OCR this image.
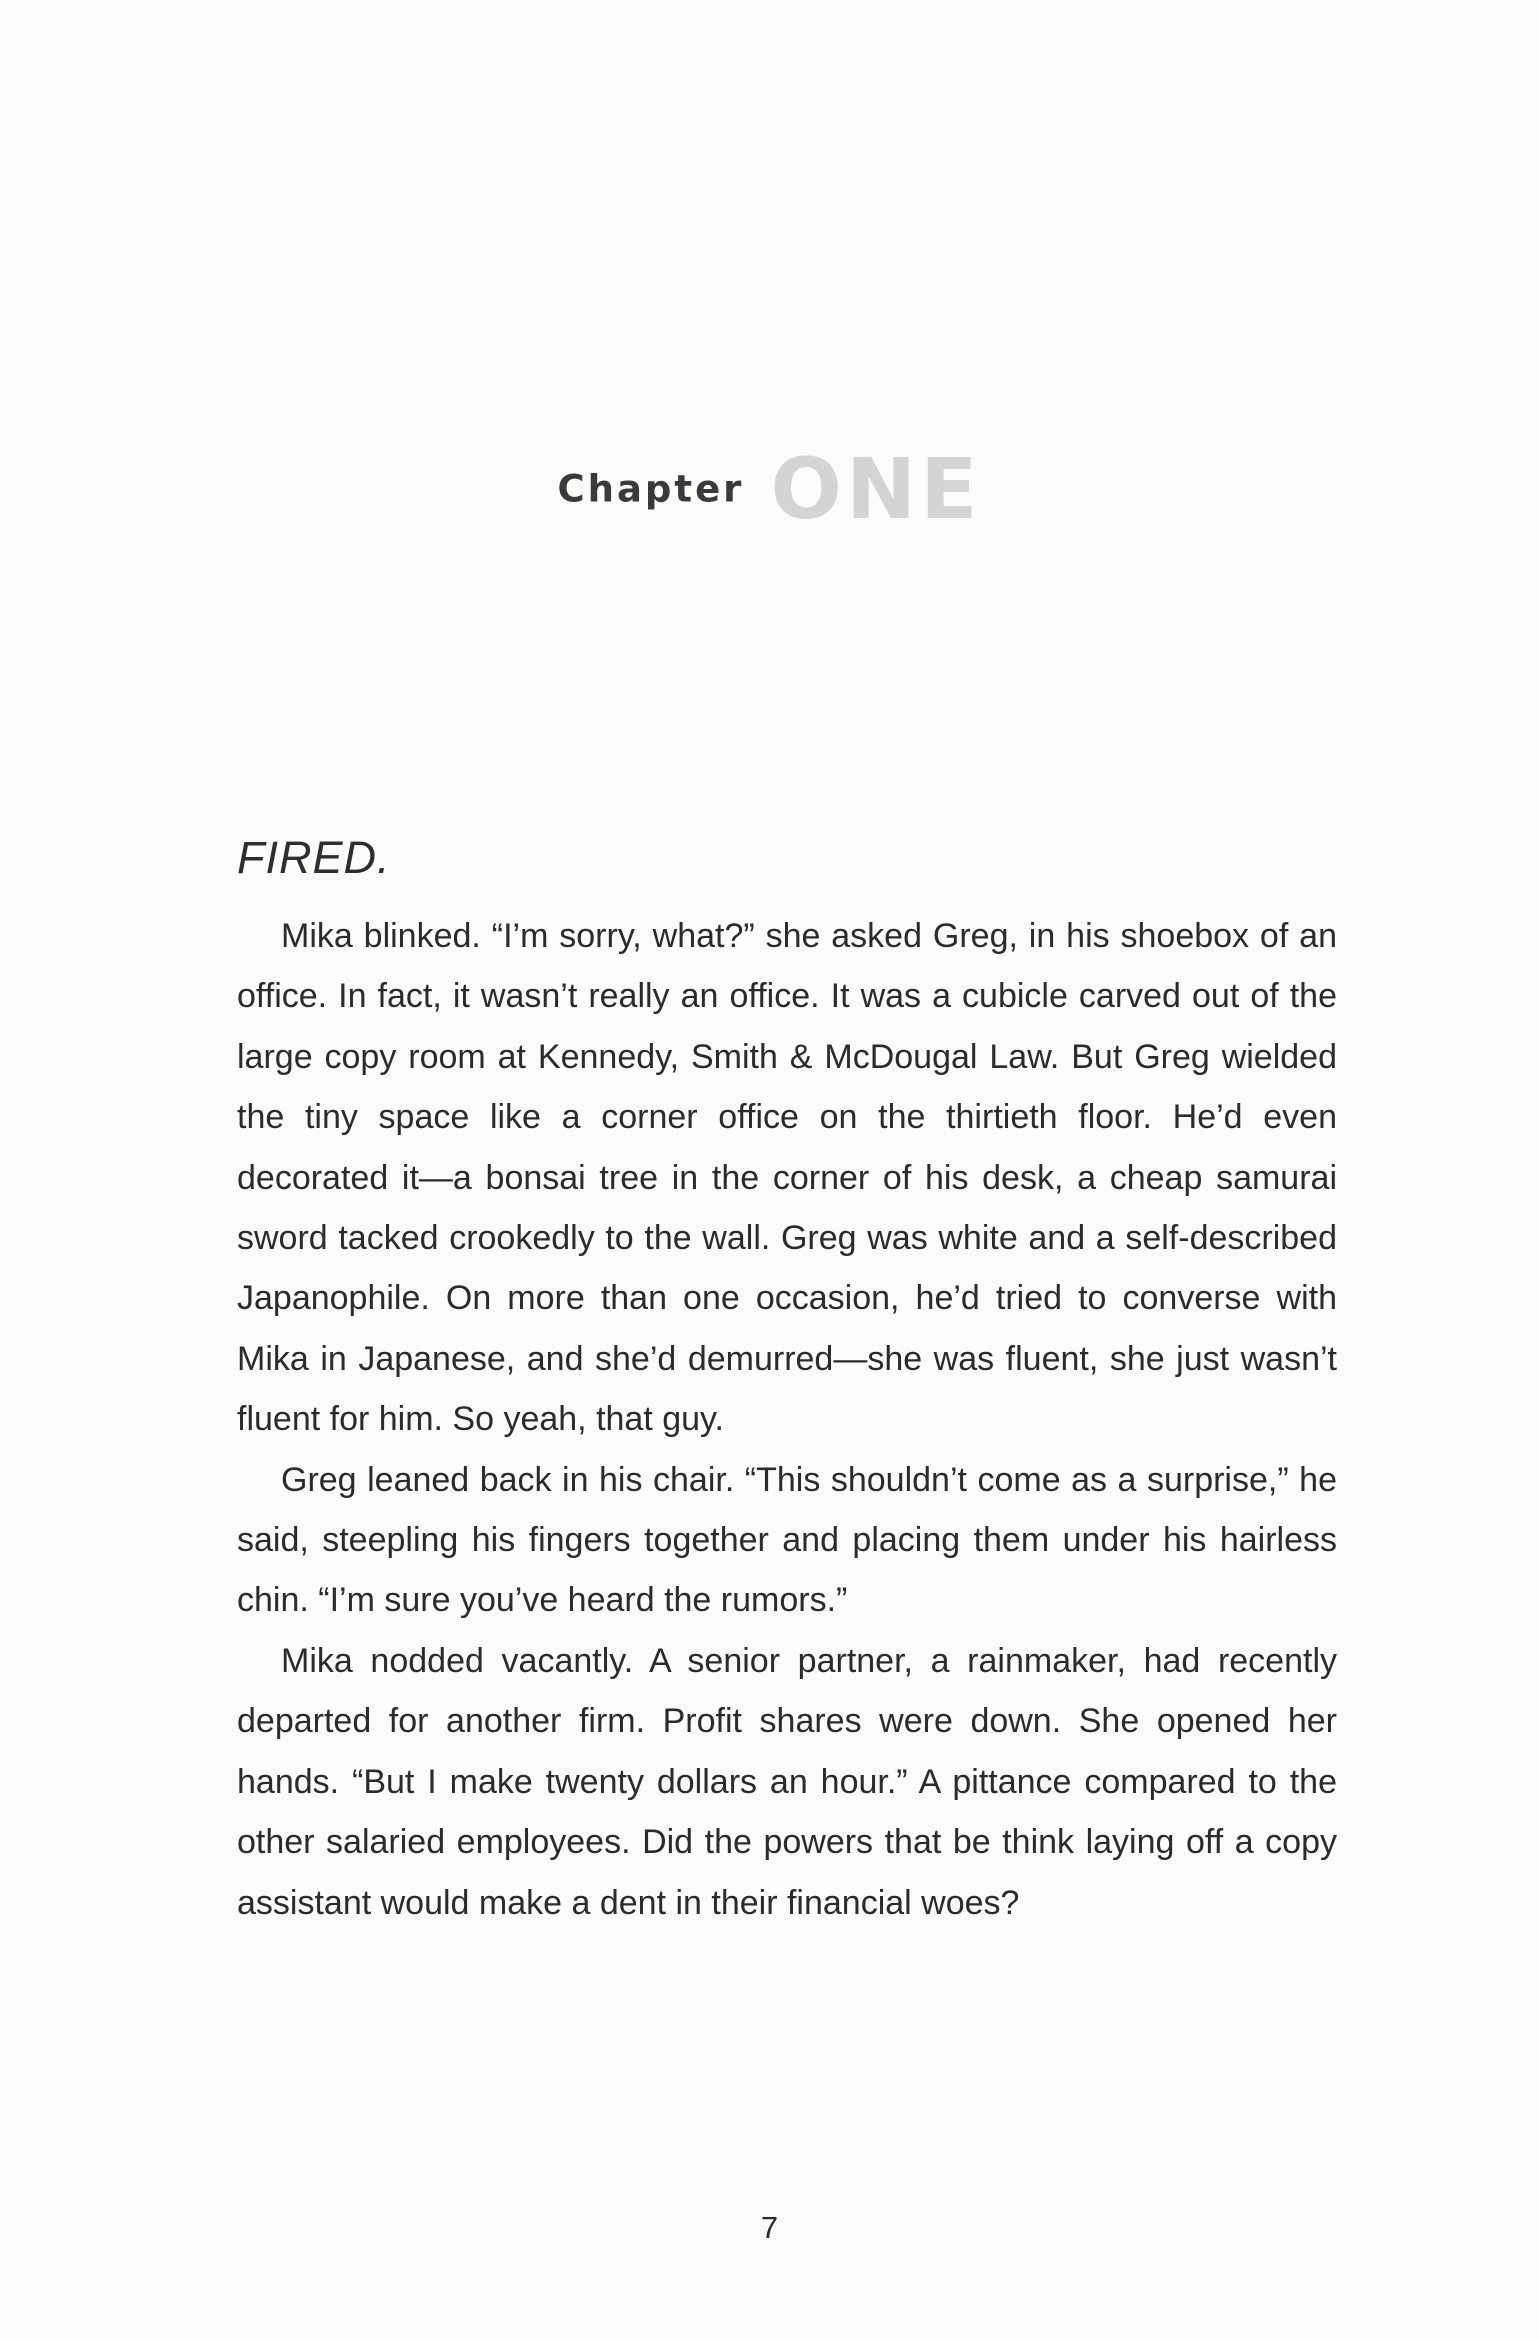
Chapter ONE
FIRED.

Mika blinked. “I’m sorry, what?” she asked Greg, in his shoebox of an office. In fact, it wasn’t really an office. It was a cubicle carved out of the large copy room at Kennedy, Smith & McDougal Law. But Greg wielded the tiny space like a corner office on the thirtieth floor. He’d even decorated it—a bonsai tree in the corner of his desk, a cheap samurai sword tacked crookedly to the wall. Greg was white and a self-described Japanophile. On more than one occasion, he’d tried to converse with Mika in Japanese, and she’d demurred—she was fluent, she just wasn’t fluent for him. So yeah, that guy.

Greg leaned back in his chair. “This shouldn’t come as a surprise,” he said, steepling his fingers together and placing them under his hairless chin. “I’m sure you’ve heard the rumors.”

Mika nodded vacantly. A senior partner, a rainmaker, had recently departed for another firm. Profit shares were down. She opened her hands. “But I make twenty dollars an hour.” A pittance compared to the other salaried employees. Did the powers that be think laying off a copy assistant would make a dent in their financial woes?

7
